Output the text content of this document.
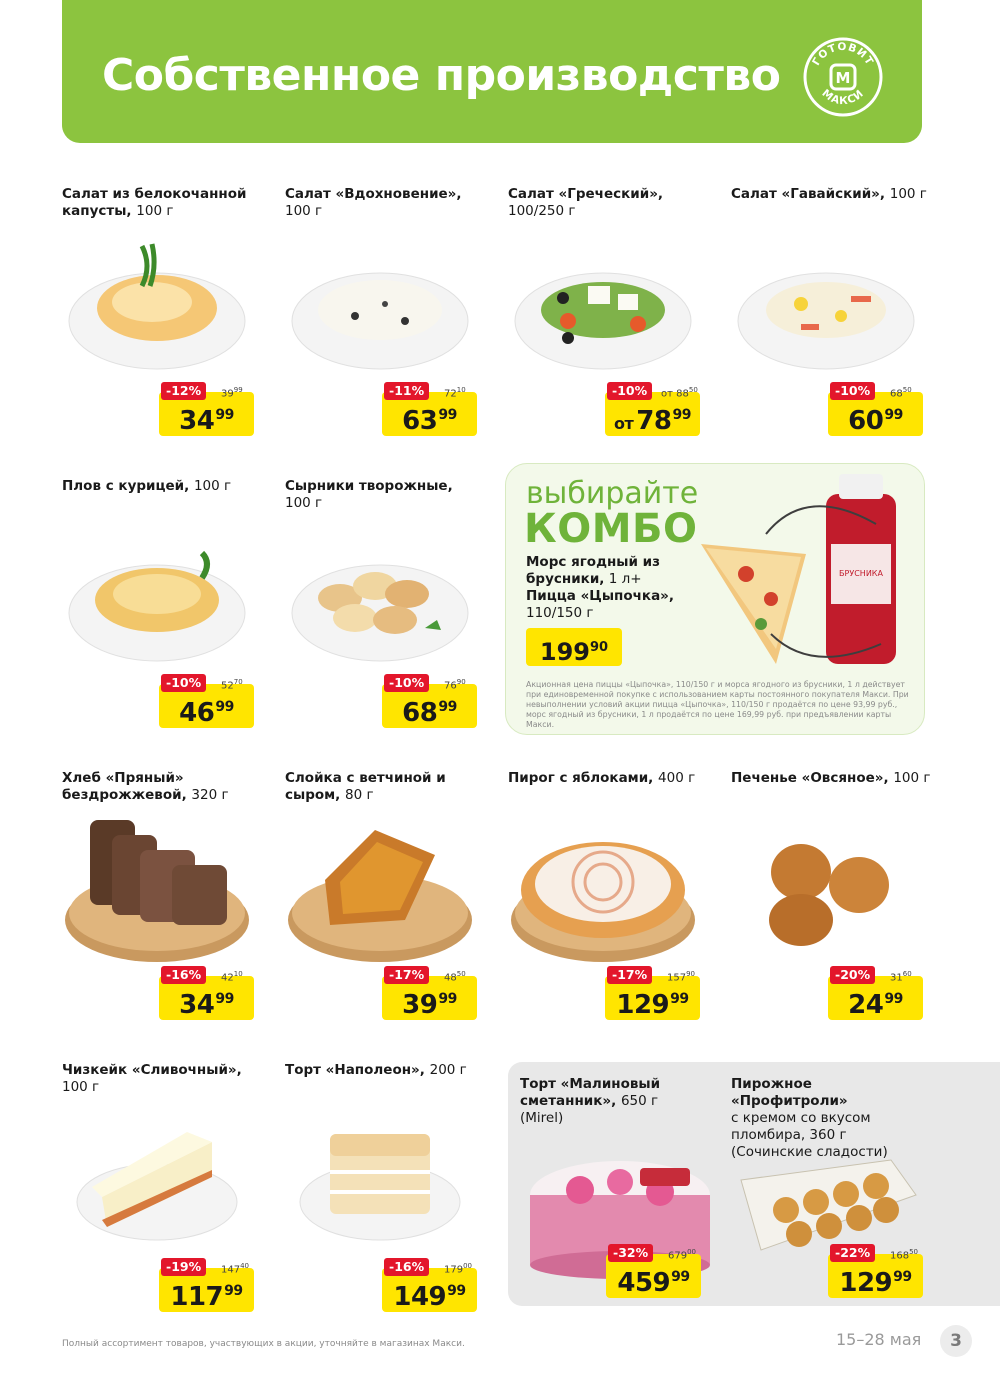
Собственное производство	M
ГОТОВИТ
МАКСИ
Салат из белокочанной капусты, 100 г
-12%	$39^{99}$
$34^{99}$
Салат «Вдохновение»,
100 г
-11%	$72^{10}$
$63^{99}$
Салат «Греческий»,
100/250 г
-10%	от $88^{50}$
от $78^{99}$
Салат «Гавайский», 100 г
-10%	$68^{50}$
$60^{99}$
Плов с курицей, 100 г
-10%	$52^{70}$
$46^{99}$
Сырники творожные,
100 г
-10%	$76^{90}$
$68^{99}$
выбирайте
КОМБО
Морс ягодный из брусники, 1 л+
Пицца «Цыпочка»,
110/150 г
$199^{90}$
БРУСНИКА
Акционная цена пиццы «Цыпочка», 110/150 г и морса ягодного из брусники, 1 л действует при единовременной покупке с использованием карты постоянного покупателя Макси. При невыполнении условий акции пицца «Цыпочка», 110/150 г продаётся по цене 93,99 руб., морс ягодный из брусники, 1 л продаётся по цене 169,99 руб. при предъявлении карты Макси.
Хлеб «Пряный» бездрожжевой, 320 г
-16%	$42^{10}$
$34^{99}$
Слойка с ветчиной и сыром, 80 г
-17%	$48^{50}$
$39^{99}$
Пирог с яблоками, 400 г
-17%	$157^{90}$
$129^{99}$
Печенье «Овсяное», 100 г
-20%	$31^{60}$
$24^{99}$
Чизкейк «Сливочный»,
100 г
-19%	$147^{40}$
$117^{99}$
Торт «Наполеон», 200 г
-16%	$179^{00}$
$149^{99}$
Торт «Малиновый сметанник», 650 г
(Mirel)
-32%	$679^{00}$
$459^{99}$
Пирожное «Профитроли»
с кремом со вкусом пломбира, 360 г (Сочинские сладости)
-22%	$168^{50}$
$129^{99}$
Полный ассортимент товаров, участвующих в акции, уточняйте в магазинах Макси.	15–28 мая	3
